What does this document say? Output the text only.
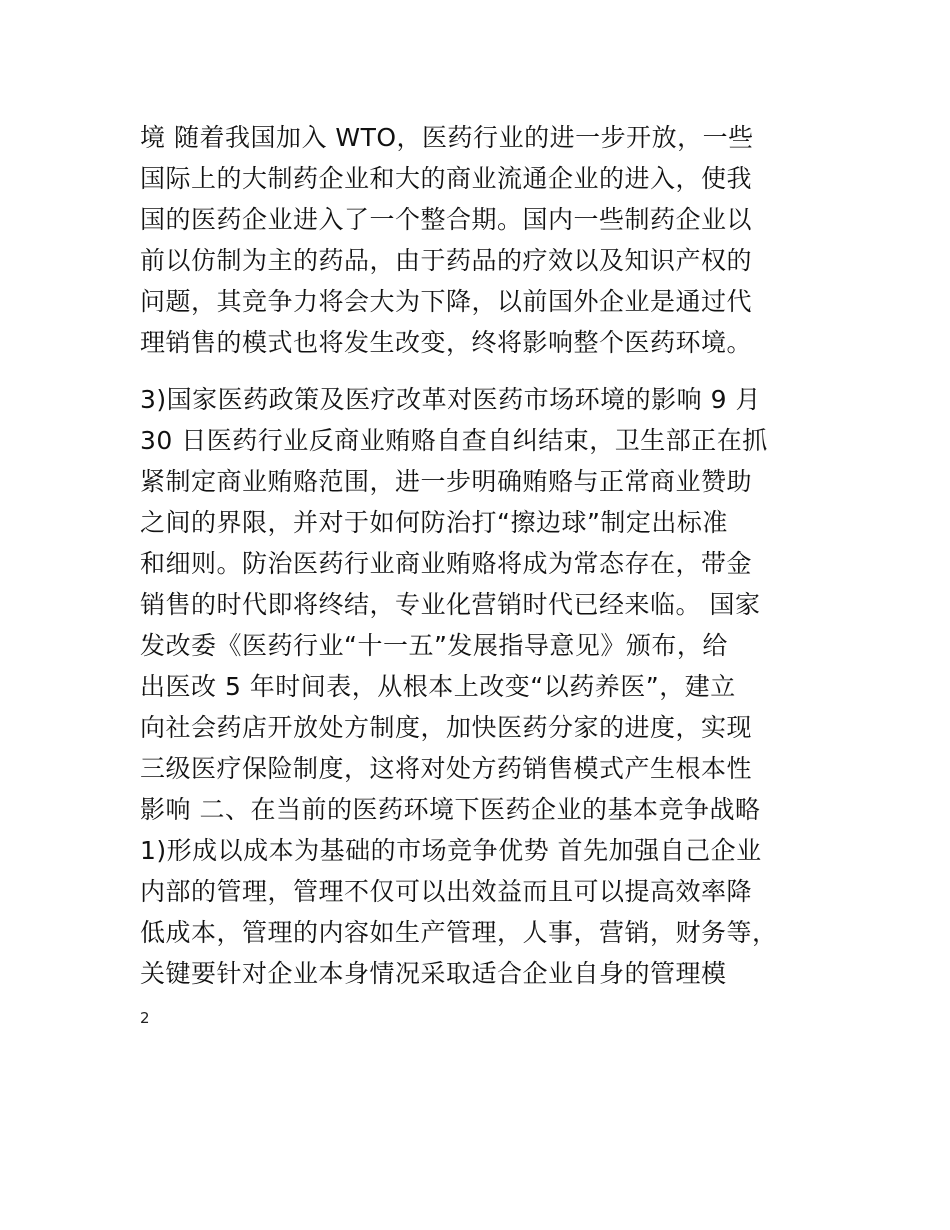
境 随着我国加入 WTO，医药行业的进一步开放，一些
国际上的大制药企业和大的商业流通企业的进入，使我
国的医药企业进入了一个整合期。国内一些制药企业以
前以仿制为主的药品，由于药品的疗效以及知识产权的
问题，其竞争力将会大为下降，以前国外企业是通过代
理销售的模式也将发生改变，终将影响整个医药环境。
3)国家医药政策及医疗改革对医药市场环境的影响 9 月
30 日医药行业反商业贿赂自查自纠结束，卫生部正在抓
紧制定商业贿赂范围，进一步明确贿赂与正常商业赞助
之间的界限，并对于如何防治打“擦边球”制定出标准
和细则。防治医药行业商业贿赂将成为常态存在，带金
销售的时代即将终结，专业化营销时代已经来临。 国家
发改委《医药行业“十一五”发展指导意见》颁布，给
出医改 5 年时间表，从根本上改变“以药养医”，建立
向社会药店开放处方制度，加快医药分家的进度，实现
三级医疗保险制度，这将对处方药销售模式产生根本性
影响 二、在当前的医药环境下医药企业的基本竞争战略
1)形成以成本为基础的市场竞争优势 首先加强自己企业
内部的管理，管理不仅可以出效益而且可以提高效率降
低成本，管理的内容如生产管理，人事，营销，财务等，
关键要针对企业本身情况采取适合企业自身的管理模
2
